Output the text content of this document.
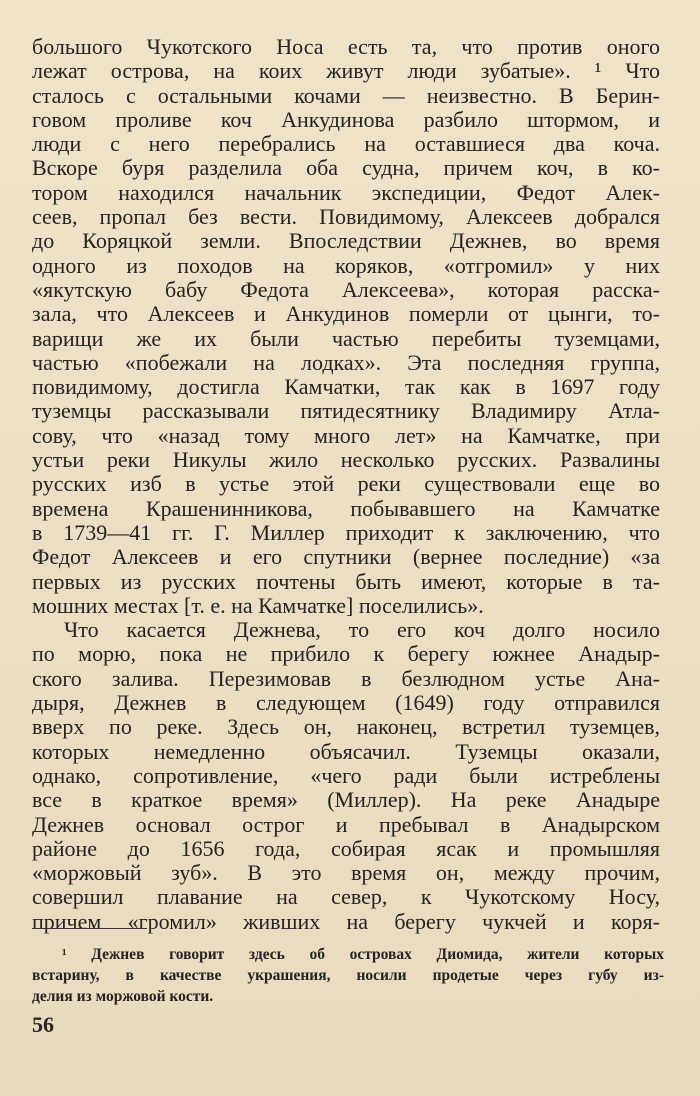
большого Чукотского Носа есть та, что против оного
лежат острова, на коих живут люди зубатые». ¹ Что
сталось с остальными кочами — неизвестно. В Берин-
говом проливе коч Анкудинова разбило штормом, и
люди с него перебрались на оставшиеся два коча.
Вскоре буря разделила оба судна, причем коч, в ко-
тором находился начальник экспедиции, Федот Алек-
сеев, пропал без вести. Повидимому, Алексеев добрался
до Коряцкой земли. Впоследствии Дежнев, во время
одного из походов на коряков, «отгромил» у них
«якутскую бабу Федота Алексеева», которая расска-
зала, что Алексеев и Анкудинов померли от цынги, то-
варищи же их были частью перебиты туземцами,
частью «побежали на лодках». Эта последняя группа,
повидимому, достигла Камчатки, так как в 1697 году
туземцы рассказывали пятидесятнику Владимиру Атла-
сову, что «назад тому много лет» на Камчатке, при
устьи реки Никулы жило несколько русских. Развалины
русских изб в устье этой реки существовали еще во
времена Крашенинникова, побывавшего на Камчатке
в 1739—41 гг. Г. Миллер приходит к заключению, что
Федот Алексеев и его спутники (вернее последние) «за
первых из русских почтены быть имеют, которые в та-
мошних местах [т. е. на Камчатке] поселились».
Что касается Дежнева, то его коч долго носило
по морю, пока не прибило к берегу южнее Анадыр-
ского залива. Перезимовав в безлюдном устье Ана-
дыря, Дежнев в следующем (1649) году отправился
вверх по реке. Здесь он, наконец, встретил туземцев,
которых немедленно объясачил. Туземцы оказали,
однако, сопротивление, «чего ради были истреблены
все в краткое время» (Миллер). На реке Анадыре
Дежнев основал острог и пребывал в Анадырском
районе до 1656 года, собирая ясак и промышляя
«моржовый зуб». В это время он, между прочим,
совершил плавание на север, к Чукотскому Носу,
причем «громил» живших на берегу чукчей и коря-
¹ Дежнев говорит здесь об островах Диомида, жители которых
встарину, в качестве украшения, носили продетые через губу из-
делия из моржовой кости.
56
